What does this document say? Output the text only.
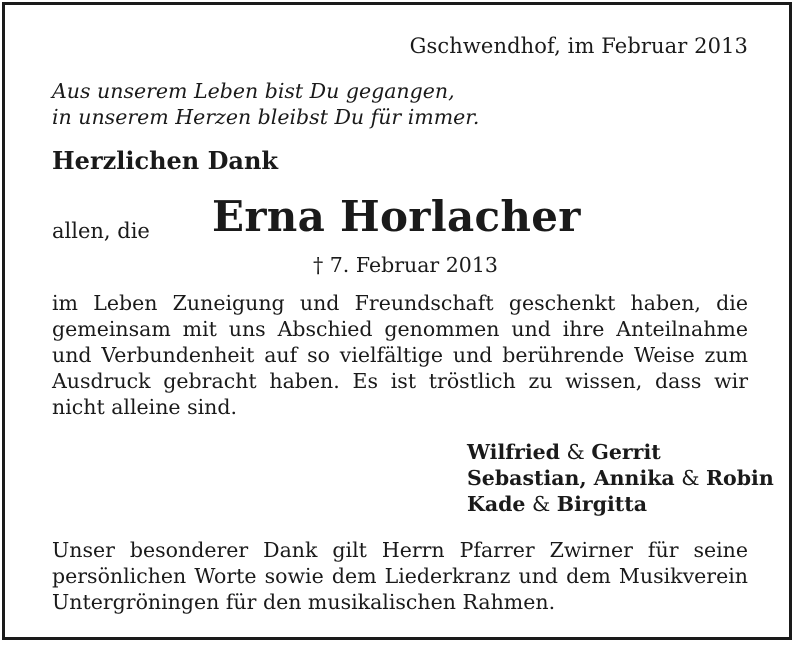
Gschwendhof, im Februar 2013
Aus unserem Leben bist Du gegangen,
in unserem Herzen bleibst Du für immer.
Herzlichen Dank
allen, die Erna Horlacher
† 7. Februar 2013
im Leben Zuneigung und Freundschaft geschenkt haben, die gemeinsam mit uns Abschied genommen und ihre Anteilnahme und Verbundenheit auf so vielfältige und berührende Weise zum Ausdruck gebracht haben. Es ist tröstlich zu wissen, dass wir nicht alleine sind.
Wilfried & Gerrit
Sebastian, Annika & Robin
Kade & Birgitta
Unser besonderer Dank gilt Herrn Pfarrer Zwirner für seine persönlichen Worte sowie dem Liederkranz und dem Musikverein Untergröningen für den musikalischen Rahmen.
